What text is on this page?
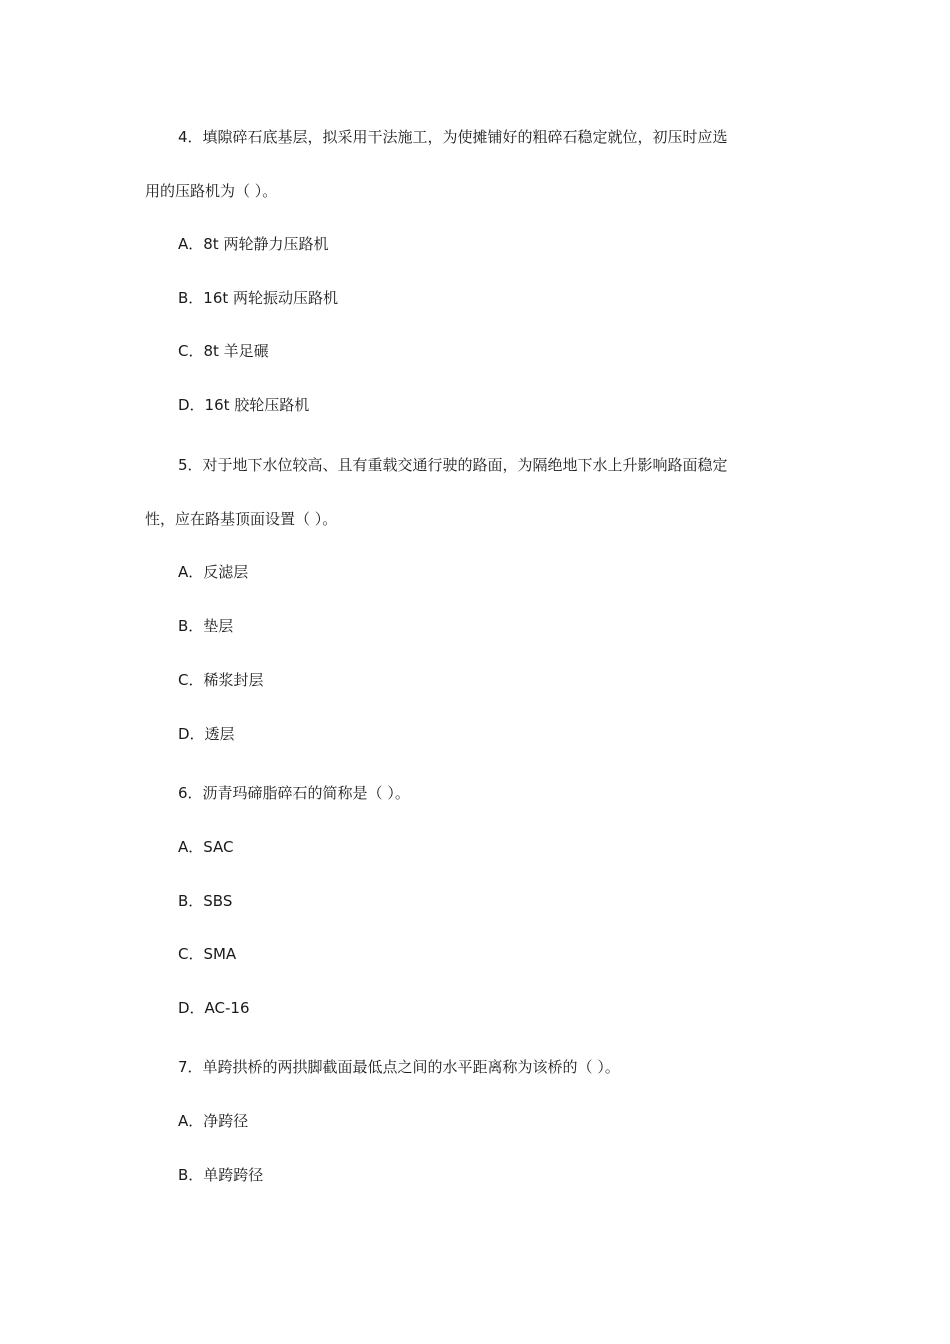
4．填隙碎石底基层，拟采用干法施工，为使摊铺好的粗碎石稳定就位，初压时应选
用的压路机为（ ）。
A．8t 两轮静力压路机
B．16t 两轮振动压路机
C．8t 羊足碾
D．16t 胶轮压路机
5．对于地下水位较高、且有重载交通行驶的路面，为隔绝地下水上升影响路面稳定
性，应在路基顶面设置（ ）。
A．反滤层
B．垫层
C．稀浆封层
D．透层
6．沥青玛碲脂碎石的简称是（ ）。
A．SAC
B．SBS
C．SMA
D．AC-16
7．单跨拱桥的两拱脚截面最低点之间的水平距离称为该桥的（ ）。
A．净跨径
B．单跨跨径
